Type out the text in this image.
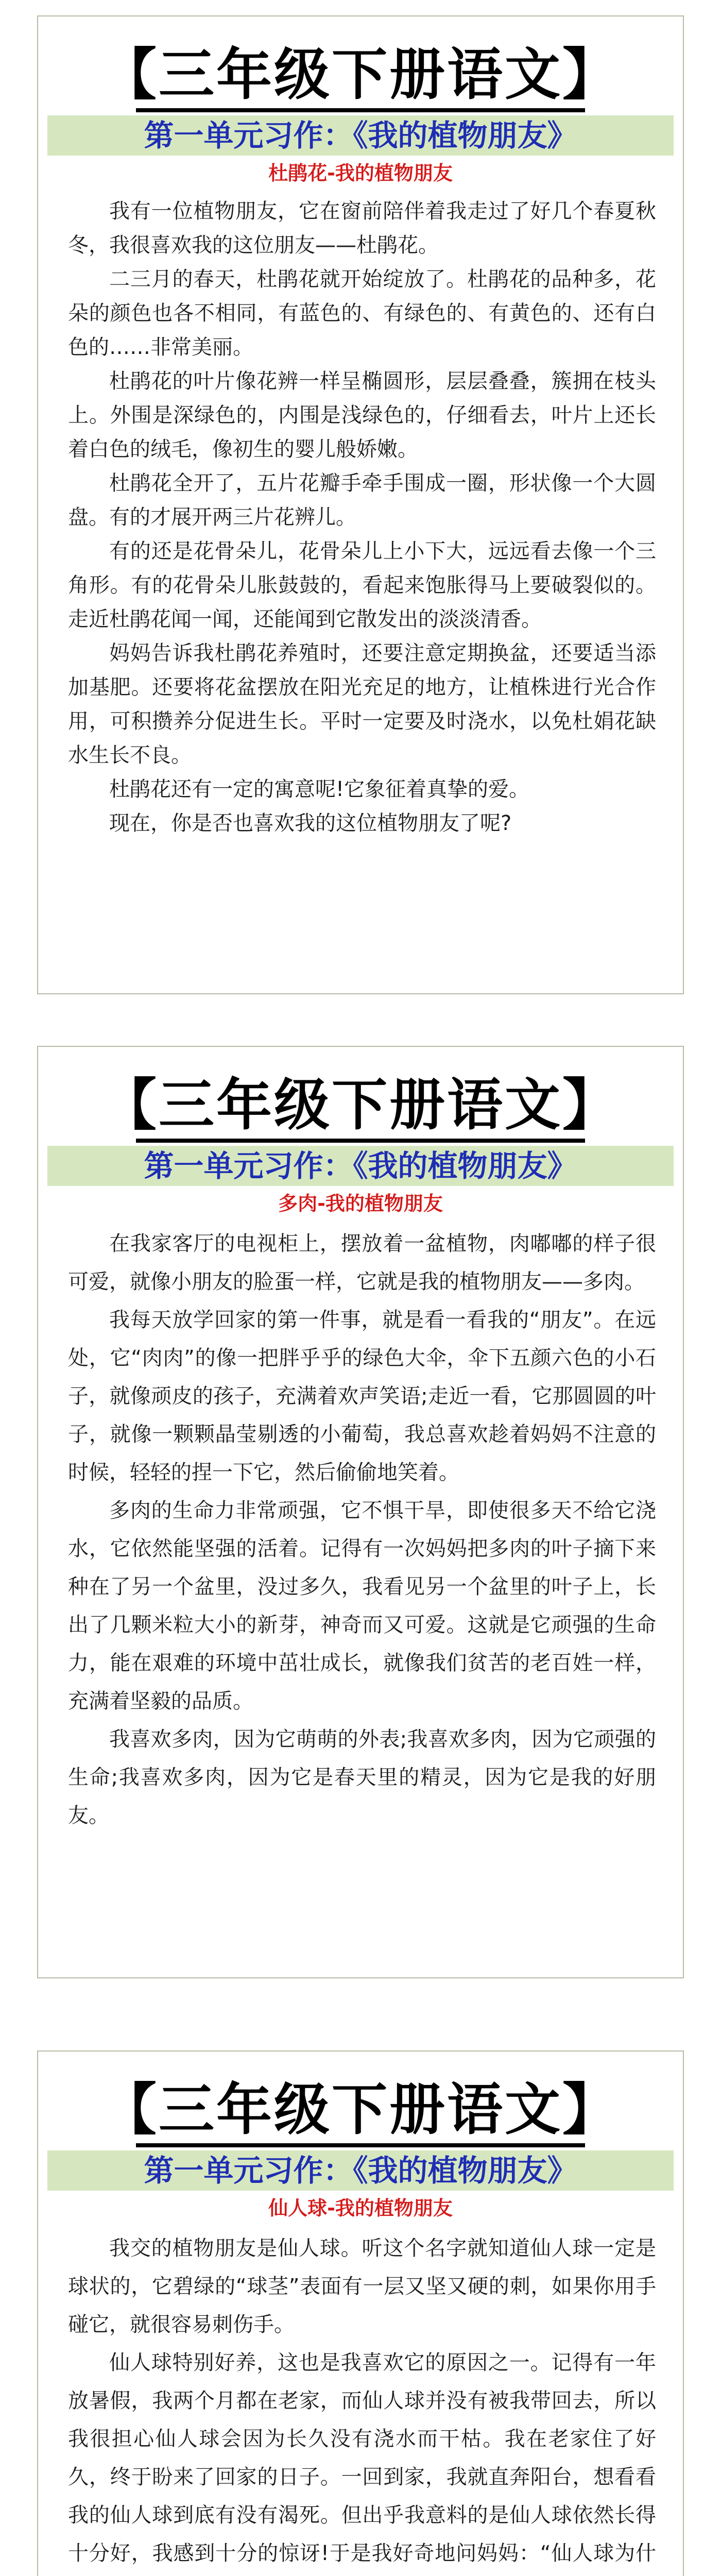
【三年级下册语文】
第一单元习作：《我的植物朋友》
杜鹃花-我的植物朋友

我有一位植物朋友，它在窗前陪伴着我走过了好几个春夏秋冬，我很喜欢我的这位朋友——杜鹃花。

二三月的春天，杜鹃花就开始绽放了。杜鹃花的品种多，花朵的颜色也各不相同，有蓝色的、有绿色的、有黄色的、还有白色的……非常美丽。

杜鹃花的叶片像花辨一样呈椭圆形，层层叠叠，簇拥在枝头上。外围是深绿色的，内围是浅绿色的，仔细看去，叶片上还长着白色的绒毛，像初生的婴儿般娇嫩。

杜鹃花全开了，五片花瓣手牵手围成一圈，形状像一个大圆盘。有的才展开两三片花辨儿。

有的还是花骨朵儿，花骨朵儿上小下大，远远看去像一个三角形。有的花骨朵儿胀鼓鼓的，看起来饱胀得马上要破裂似的。走近杜鹃花闻一闻，还能闻到它散发出的淡淡清香。

妈妈告诉我杜鹃花养殖时，还要注意定期换盆，还要适当添加基肥。还要将花盆摆放在阳光充足的地方，让植株进行光合作用，可积攒养分促进生长。平时一定要及时浇水，以免杜娟花缺水生长不良。

杜鹃花还有一定的寓意呢!它象征着真挚的爱。

现在，你是否也喜欢我的这位植物朋友了呢?

【三年级下册语文】
第一单元习作：《我的植物朋友》
多肉-我的植物朋友

在我家客厅的电视柜上，摆放着一盆植物，肉嘟嘟的样子很可爱，就像小朋友的脸蛋一样，它就是我的植物朋友——多肉。

我每天放学回家的第一件事，就是看一看我的“朋友”。在远处，它“肉肉”的像一把胖乎乎的绿色大伞，伞下五颜六色的小石子，就像顽皮的孩子，充满着欢声笑语;走近一看，它那圆圆的叶子，就像一颗颗晶莹剔透的小葡萄，我总喜欢趁着妈妈不注意的时候，轻轻的捏一下它，然后偷偷地笑着。

多肉的生命力非常顽强，它不惧干旱，即使很多天不给它浇水，它依然能坚强的活着。记得有一次妈妈把多肉的叶子摘下来种在了另一个盆里，没过多久，我看见另一个盆里的叶子上，长出了几颗米粒大小的新芽，神奇而又可爱。这就是它顽强的生命力，能在艰难的环境中茁壮成长，就像我们贫苦的老百姓一样，充满着坚毅的品质。

我喜欢多肉，因为它萌萌的外表;我喜欢多肉，因为它顽强的生命;我喜欢多肉，因为它是春天里的精灵，因为它是我的好朋友。

【三年级下册语文】
第一单元习作：《我的植物朋友》
仙人球-我的植物朋友

我交的植物朋友是仙人球。听这个名字就知道仙人球一定是球状的，它碧绿的“球茎”表面有一层又坚又硬的刺，如果你用手碰它，就很容易刺伤手。

仙人球特别好养，这也是我喜欢它的原因之一。记得有一年放暑假，我两个月都在老家，而仙人球并没有被我带回去，所以我很担心仙人球会因为长久没有浇水而干枯。我在老家住了好久，终于盼来了回家的日子。一回到家，我就直奔阳台，想看看我的仙人球到底有没有渴死。但出乎我意料的是仙人球依然长得十分好，我感到十分的惊讶!于是我好奇地问妈妈：“仙人球为什
